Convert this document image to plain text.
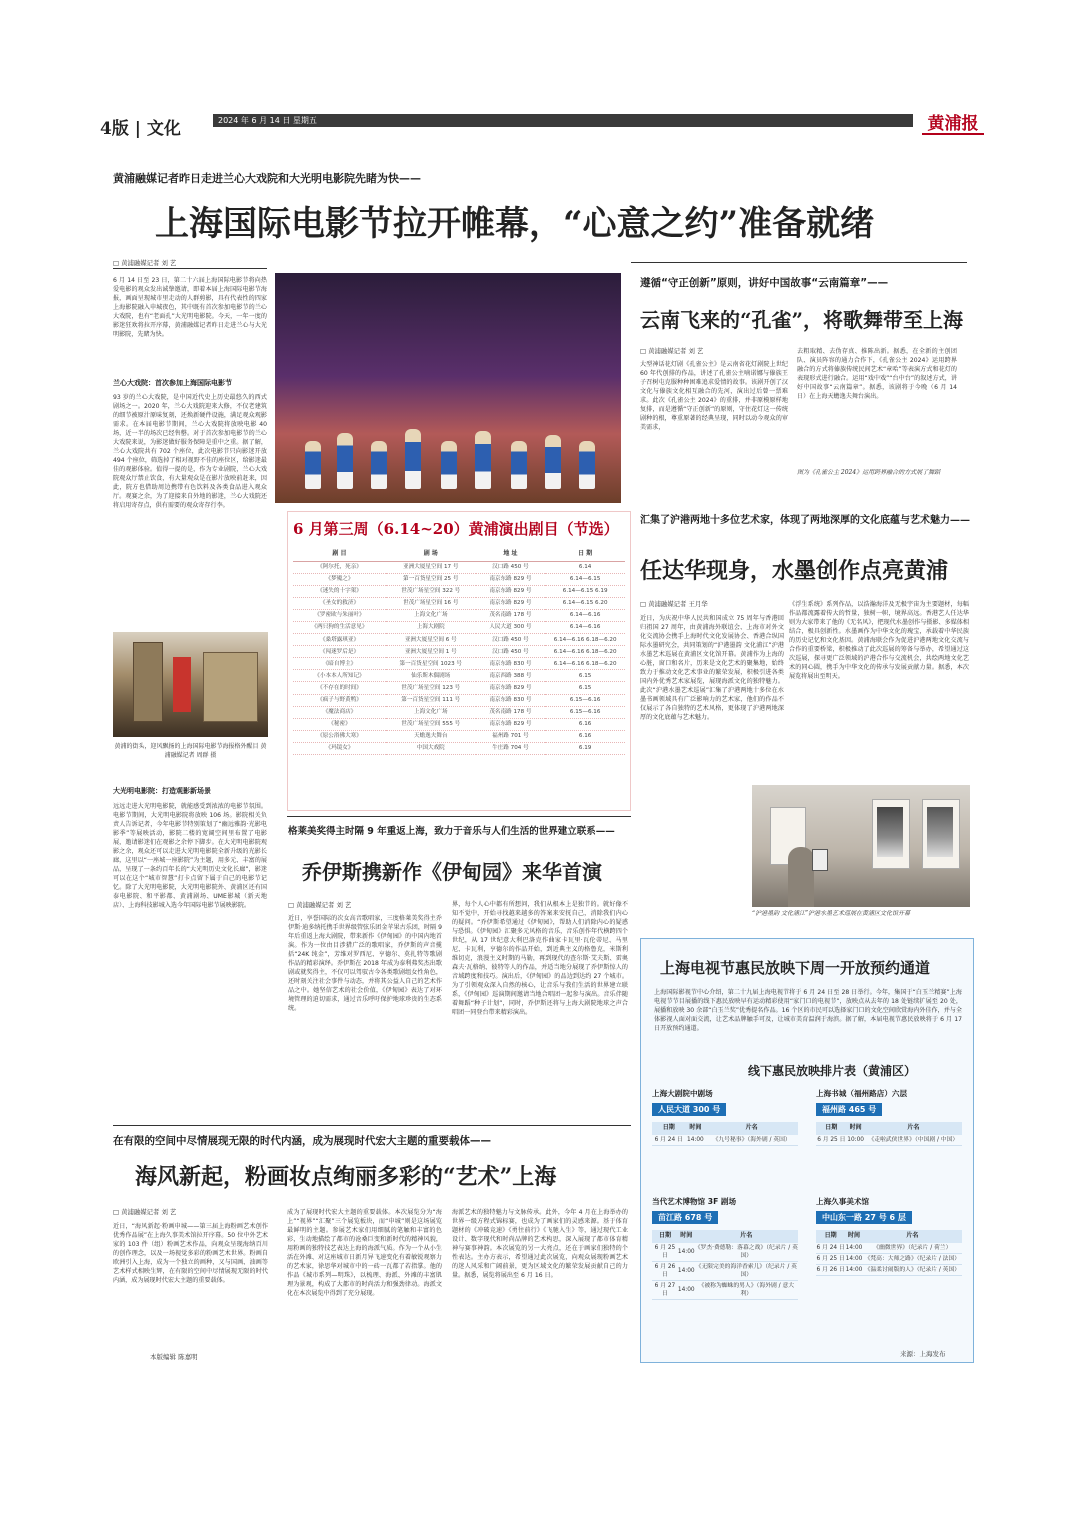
4版 | 文化	2024 年 6 月 14 日 星期五	黄浦报
黄浦融媒记者昨日走进兰心大戏院和大光明电影院先睹为快——
上海国际电影节拉开帷幕，“心意之约”准备就绪
□ 黄浦融媒记者 刘 艺
6 月 14 日至 23 日，第二十六届上海国际电影节将向热爱电影的观众发出诚挚邀请，即着本届上海国际电影节海报，画面呈现城市里走动的人群剪影，具有代表性的四家上海影院融入申城夜色，其中既有首次参加电影节的兰心大戏院，也有“老面孔”大光明电影院。今天，一年一度的影迷狂欢将拉开序幕，黄浦融媒记者昨日走进兰心与大光明影院，先睹为快。
兰心大戏院：首次参加上海国际电影节
93 岁的兰心大戏院，是中国近代史上历史最悠久的西式剧场之一。2020 年，兰心大戏院迎来大修，不仅老建筑的细节被原汁原味复刻，还焕新硬件设施，满足观众观影需求。在本届电影节期间，兰心大戏院将放映电影 40 场，近一半的场次已经售罄。对于首次参加电影节的兰心大戏院来说，为影迷做好服务保障是重中之重。据了解，兰心大戏院共有 702 个座位，此次电影节只向影迷开放 494 个座位，筛选掉了相对视野不佳的座位区，给影迷最佳的观影体验。值得一提的是，作为专业剧院，兰心大戏院观众厅禁止饮食，有大量观众是在影片放映前赶来，因此，院方也借助周边携带有色饮料及各类食品进入观众厅。观赛之余，为了迎接来自外地的影迷，兰心大戏院还将启用寄存点，供有需要的观众寄存行李。
黄浦的街头，迎风飘扬的上海国际电影节海报格外醒目 黄浦融媒记者 周群 摄
大光明电影院：打造观影新场景
远远走进大光明电影院，就能感受到浓浓的电影节氛围。电影节期间，大光明电影院将放映 106 场。影院相关负责人告诉记者，今年电影节特别策划了“幽远雅韵·光影电影季”等展映活动，影院二楼的宽阔空间里布置了电影展，邀请影迷们在观影之余停下脚步。在大光明电影院观影之余，观众还可以走进大光明电影院全新升级的光影长廊，这里以“一座城一座影院”为主题，用多元、丰富的展品，呈现了一条约百年长的“大光明历史文化长廊”，影迷可以在这个“城市智慧”打卡点留下属于自己的电影节记忆。除了大光明电影院，大光明电影院外、黄浦区还有国泰电影院、和平影都、黄浦剧场、UME影城（新天地店）、上海科技影城入选今年国际电影节展映影院。
遵循“守正创新”原则，讲好中国故事“云南篇章”——
云南飞来的“孔雀”，将歌舞带至上海
□ 黄浦融媒记者 刘 艺
大型神话花灯剧《孔雀公主》是云南省花灯剧院上世纪 60 年代创排的作品，讲述了孔雀公主喃诺娜与傣族王子召树屯克服种种困难追求爱情的故事。该剧开创了汉文化与傣族文化相互融合的先河，演出过后曾一票难求。此次《孔雀公主 2024》的重排，并非原模原样地复排，而是遵循“守正创新”的原则，守住花灯这一传统剧种的根，尊重原著的经典呈现，同时以动今观众的审美需求，
去粗取精、去伪存真、推陈出新。据悉，在全新的主创团队、演员阵容的通力合作下，《孔雀公主 2024》运用跨界融合的方式将傣族传统民间艺术“章哈”等表演方式和花灯的表现形式进行融合。运用“戏中戏”“台中台”的叙述方式，讲好中国故事“云南篇章”。据悉，该剧将于今晚（6 月 14 日）在上海天蟾逸夫舞台演出。
图为《孔雀公主 2024》运用跨界融合的方式展了舞蹈
6 月第三周（6.14~20）黄浦演出剧目（节选）
剧 目	剧 场	地 址	日 期
《阿尔托，死亲》	亚洲大厦星空间 17 号	汉口路 450 号	6.14
《梦魇之》	第一百货星空间 25 号	南京东路 829 号	6.14—6.15
《迷失的十字架》	世茂广场星空间 322 号	南京东路 829 号	6.14—6.15 6.19
《圣女的救济》	世茂广场星空间 16 号	南京东路 829 号	6.14—6.15 6.20
《罗密欧与朱丽叶》	上海文化广场	茂名南路 178 号	6.14—6.16
《两只狗的生活意见》	上海大剧院	人民大道 300 号	6.14—6.16
《桑塔露琪亚》	亚洲大厦星空间 6 号	汉口路 450 号	6.14—6.16 6.18—6.20
《闯迷罗后是》	亚洲大厦星空间 1 号	汉口路 450 号	6.14—6.16 6.18—6.20
《暗自博主》	第一百货星空间 1023 号	南京东路 830 号	6.14—6.16 6.18—6.20
《小本本人所知记》	仙乐斯木偶剧场	南京西路 388 号	6.15
《不存在的时间》	世茂广场星空间 123 号	南京东路 829 号	6.15
《疯子与野黄鸭》	第一百货星空间 111 号	南京东路 830 号	6.15—6.16
《魔法商店》	上海文化广场	茂名南路 178 号	6.15—6.16
《秘密》	世茂广场星空间 555 号	南京东路 829 号	6.16
《原公浴佛大寒》	天蟾逸夫舞台	福州路 701 号	6.16
《玛镜女》	中国大戏院	牛庄路 704 号	6.19
汇集了沪港两地十多位艺术家，体现了两地深厚的文化底蕴与艺术魅力——
任达华现身，水墨创作点亮黄浦
□ 黄浦融媒记者 王月华
近日，为庆祝中华人民共和国成立 75 周年与香港回归祖国 27 周年，由黄浦海外联谊会、上海市对外文化交流协会携手上海时代文化发展协会、香港合纵国际水墨研究会，共同策划的“沪港墨韵 文化浦江”沪港水墨艺术巡展在黄浦区文化馆开幕。黄浦作为上海的心脏，窗口和名片，历来是文化艺术的聚集地，始终致力于推动文化艺术事业的繁荣发展，积极引进各类国内外优秀艺术家展览，展现海派文化的独特魅力。此次“沪港水墨艺术巡展”汇集了沪港两地十多位在水墨书画领域具有广泛影响力的艺术家，他们的作品不仅展示了各自独特的艺术风格，更体现了沪港两地深厚的文化底蕴与艺术魅力。
《浮生系统》系列作品，以浩瀚海洋及无极宇宙为主要题材，每幅作品都流露着传大的哲量，独树一帜，境界高远。香港艺人任达华则为大家带来了他的《无名风》，把现代水墨创作与摄影、多媒体相结合，极具创新性。水墨画作为中华文化的瑰宝，承载着中华民族的历史记忆和文化基因。黄浦海联会作为促进沪港两地文化交流与合作的重要桥梁，积极推动了此次巡展的筹备与举办，希望通过这次巡展，探寻更广泛领域的沪港合作与交流机会，共绘两地文化艺术的同心圆，携手为中华文化的传承与发展贡献力量。据悉，本次展览将展出至明天。
“沪港墨韵 文化浦江”沪港水墨艺术巡展在黄浦区文化馆开幕
格莱美奖得主时隔 9 年重返上海，致力于音乐与人们生活的世界建立联系——
乔伊斯携新作《伊甸园》来华首演
□ 黄浦融媒记者 刘 艺
近日，享誉国际的次女高音歌唱家，三度格莱美奖得主乔伊斯·迪多纳托携手世界级管弦乐团金苹果古乐团，时隔 9 年后重返上海大剧院，带来新作《伊甸园》的中国内地首演。作为一位由目涉猎广泛的歌唱家，乔伊斯的声音揽括“24K 纯金”，芳维对罗西尼、亨德尔、莫扎特等歌剧作品的精彩演绎。乔伊斯在 2018 年成为泰利弗奖杰出歌剧或就奖得主，不仅可以驾驭古今各类歌剧组女性角色，还时刻关注社会事件与动态，并将其公益人自己的艺术作品之中。她坚信艺术的社会价值，《伊甸园》表达了对环境管理的迫切需求，通过音乐呼吁保护地球珍贵的生态系统。
界，每个人心中都有所想问，我们从根本上是独节的。就好像不知不觉中，开始寻找越来越多的答案来安抚自己，消除我们内心的疑问。“乔伊斯希望通过《伊甸园》，帮助人们消除内心的疑惑与恐惧。《伊甸园》汇聚多元风格的音乐，音乐创作年代横跨四个世纪，从 17 世纪意大利巴洛克作曲家卡瓦里·瓦伦蒂尼、马里尼、卡瓦利，亨德尔的作品开始，到近典主义的格鲁克，米斯利维切克，浪漫主义时期的马勒，再到现代的查尔斯·艾夫斯、雷奥森夫·瓦格纳、彼特等人的作品，并适当地分展现了乔伊斯惊人的音域跨度和技巧。演出后，《伊甸园》的品边到达约 27 个城市。为了引领观众深入自然的核心，让音乐与我们生活的世界建立联系，《伊甸园》巡演期间邀请当地合唱团一起参与演出。音乐伴随着舞蹈“种子计划”，同时，乔伊斯还将与上海大剧院地球之声合唱团一同登台带来精彩演出。
上海电视节惠民放映下周一开放预约通道
上海国际影视节中心介绍，第二十九届上海电视节将于 6 月 24 日至 28 日举行。今年，集国于“白玉兰精赛”上海电视节节目展播的线下惠民放映早有运动精彩使用“家门口的电视节”，放映点从去年的 18 处链续扩展至 20 处，展播和放映 30 余部“白玉兰奖”优秀提名作品。16 个区的市民可以选择家门口的文化空间欣赏海内外佳作，并与全体影视人面对面交流，让艺术品牌触手可及，让城市美育温润于海滨。据了解，本届电视节惠民放映将于 6 月 17 日开放预约通道。
线下惠民放映排片表（黄浦区）
上海大剧院中剧场
人民大道 300 号
日期	时间	片名
6 月 24 日	14:00	《九号秘事》（海外剧 / 英国）
上海书城（福州路店）六层
福州路 465 号
日期	时间	片名
6 月 25 日	10:00	《走啦武侠世界》（中国剧 / 中国）
当代艺术博物馆 3F 剧场
苗江路 678 号
日期	时间	片名
6 月 25 日	14:00	《罗杰·费德勒：落幕之战》（纪录片 / 英国）
6 月 26 日	14:00	《无限完美的海洋香索儿》（纪录片 / 英国）
6 月 27 日	14:00	《被称为蜘蛛的男人》（海外剧 / 意大利）
上海久事美术馆
中山东一路 27 号 6 层
日期	时间	片名
6 月 24 日	14:00	《幽微世界》（纪录片 / 荷兰）
6 月 25 日	14:00	《梵高：大师之路》（纪录片 / 法国）
6 月 26 日	14:00	《温柔讨闹版的人》（纪录片 / 英国）
来源：上海发布
在有限的空间中尽情展现无限的时代内涵，成为展现时代宏大主题的重要载体——
海风新起，粉画妆点绚丽多彩的“艺术”上海
□ 黄浦融媒记者 刘 艺
近日，“海风新起·粉画申城——第三届上海粉画艺术创作优秀作品展”在上海久事美术馆拉开序幕。50 位中外艺术家的 103 件（组）粉画艺术作品，向观众呈现海纳百川的创作理念，以及一场视觉多彩的粉画艺术世界。粉画自欧洲引入上海，成为一个独立的画种，又与国画、油画等艺术样式相映生辉，在有限的空间中尽情展现无限的时代内涵，成为展现时代宏大主题的重要载体。
成为了展现时代宏大主题的重要载体。本次展览分为“海上”“视界”“汇聚”三个展览板块，而“申城”则是这场展览最鲜明的主题。参展艺术家们用细腻的笔触和丰富的色彩，生动地描绘了都市的沧桑巨变和新时代的精神风貌，用粉画的独特技艺表达上海的海派气质。作为一个从小生活在外滩、对这座城市日新月异飞速变化有着敏锐观察力的艺术家，徐思华对城市中的一砖一瓦都了若指掌。他的作品《城市系列—明珠》，以梳理、海派、外滩的丰富肌理为景观，构成了大都市的时尚活力和强劲律动。海派文化在本次展览中得到了充分展现。
海派艺术的独特魅力与文脉传承。此外，今年 4 月在上海举办的世界一级方程式锦标赛，也成为了画家们的灵感来源。基于体育题材的《冲破竞速》《勇往前行》《飞驰入生》等，通过现代工业设计、数字现代和时尚品牌的艺术构思，深入展现了都市体育精神与赛事神韵。本次展览的另一大亮点，还在于画家们独特的个性表达。主办方表示，希望通过此次展览，向观众展现粉画艺术的迷人风采和广阔前景，更为区域文化的繁荣发展贡献自己的力量。据悉，展览将展出至 6 月 16 日。
本版编辑 陈嘉明
